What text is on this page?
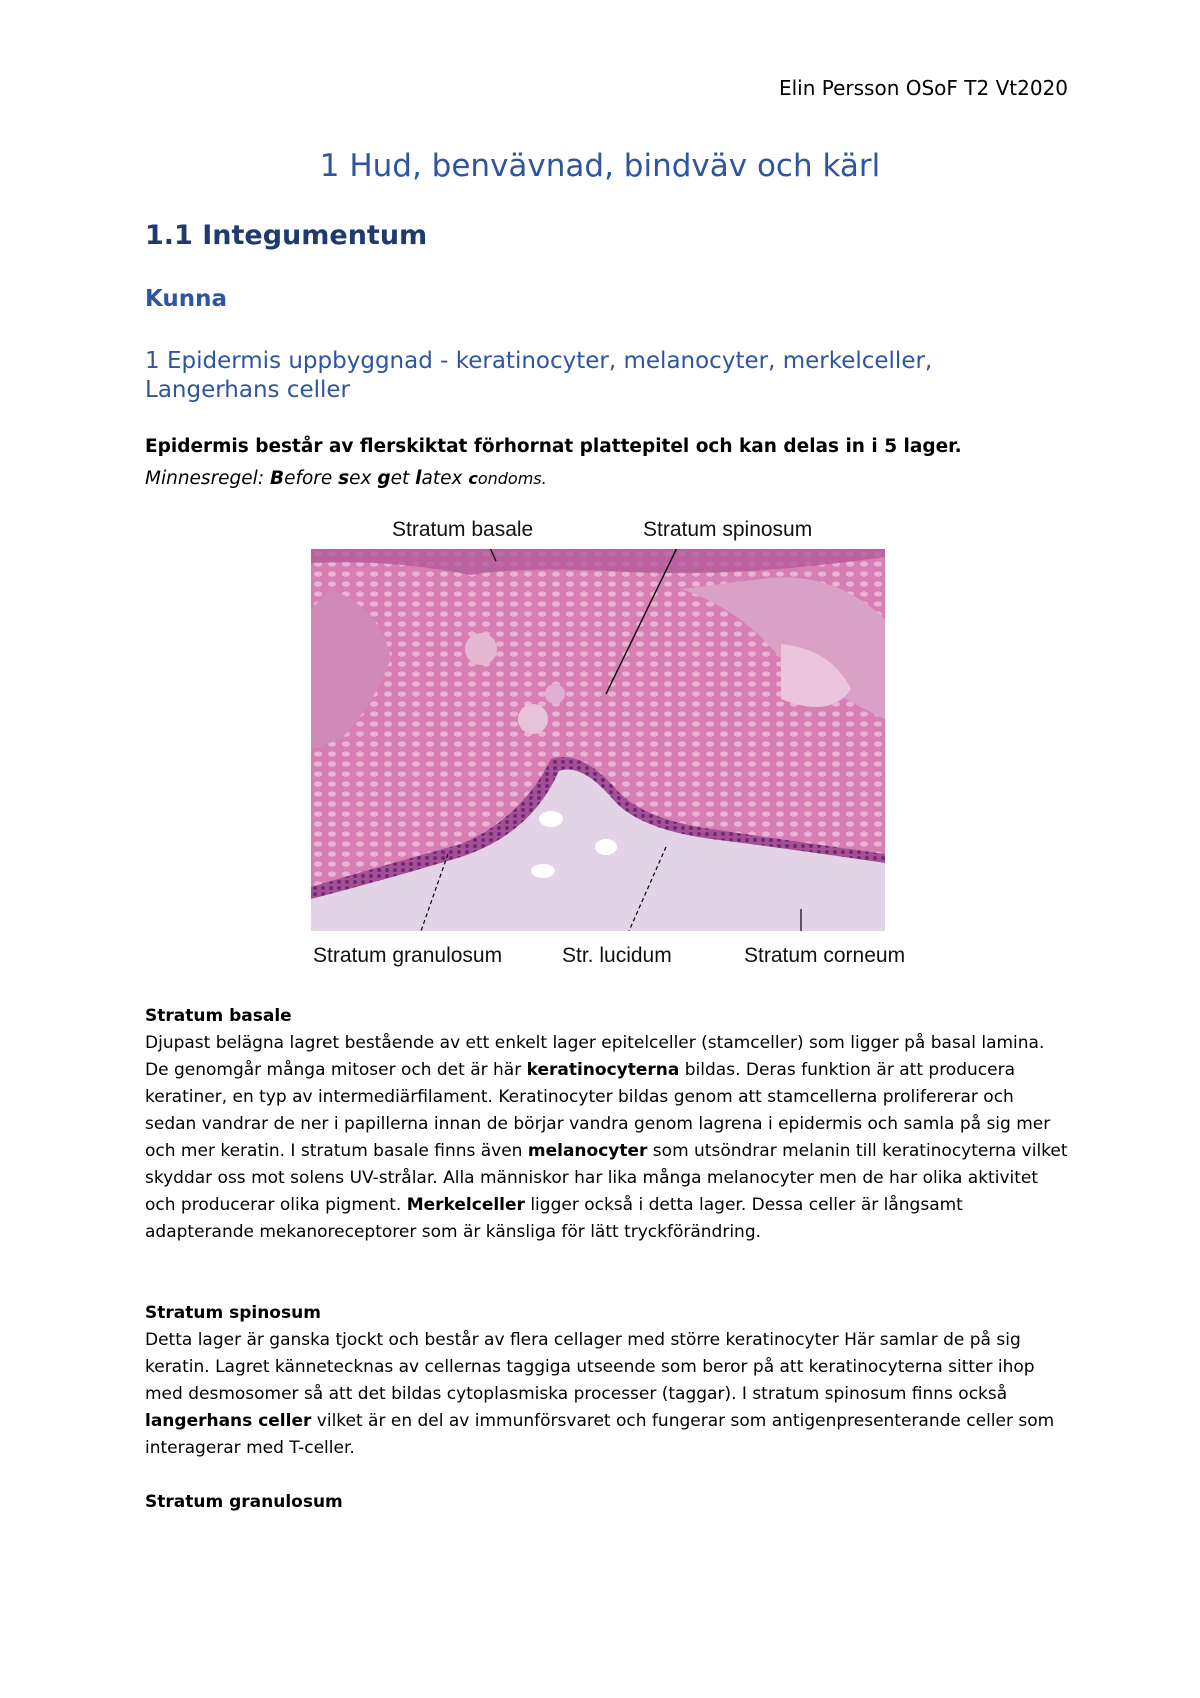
Elin Persson OSoF T2 Vt2020
1 Hud, benvävnad, bindväv och kärl
1.1 Integumentum
Kunna
1 Epidermis uppbyggnad - keratinocyter, melanocyter, merkelceller, Langerhans celler
Epidermis består av flerskiktat förhornat plattepitel och kan delas in i 5 lager.
Minnesregel: Before sex get latex condoms.
Stratum basale	Stratum spinosum
Stratum granulosum	Str. lucidum	Stratum corneum
Stratum basale

Djupast belägna lagret bestående av ett enkelt lager epitelceller (stamceller) som ligger på basal lamina. De genomgår många mitoser och det är här keratinocyterna bildas. Deras funktion är att producera keratiner, en typ av intermediärfilament. Keratinocyter bildas genom att stamcellerna prolifererar och sedan vandrar de ner i papillerna innan de börjar vandra genom lagrena i epidermis och samla på sig mer och mer keratin. I stratum basale finns även melanocyter som utsöndrar melanin till keratinocyterna vilket skyddar oss mot solens UV-strålar. Alla människor har lika många melanocyter men de har olika aktivitet och producerar olika pigment. Merkelceller ligger också i detta lager. Dessa celler är långsamt adapterande mekanoreceptorer som är känsliga för lätt tryckförändring.

Stratum spinosum

Detta lager är ganska tjockt och består av flera cellager med större keratinocyter Här samlar de på sig keratin. Lagret kännetecknas av cellernas taggiga utseende som beror på att keratinocyterna sitter ihop med desmosomer så att det bildas cytoplasmiska processer (taggar). I stratum spinosum finns också langerhans celler vilket är en del av immunförsvaret och fungerar som antigenpresenterande celler som interagerar med T-celler.

Stratum granulosum
